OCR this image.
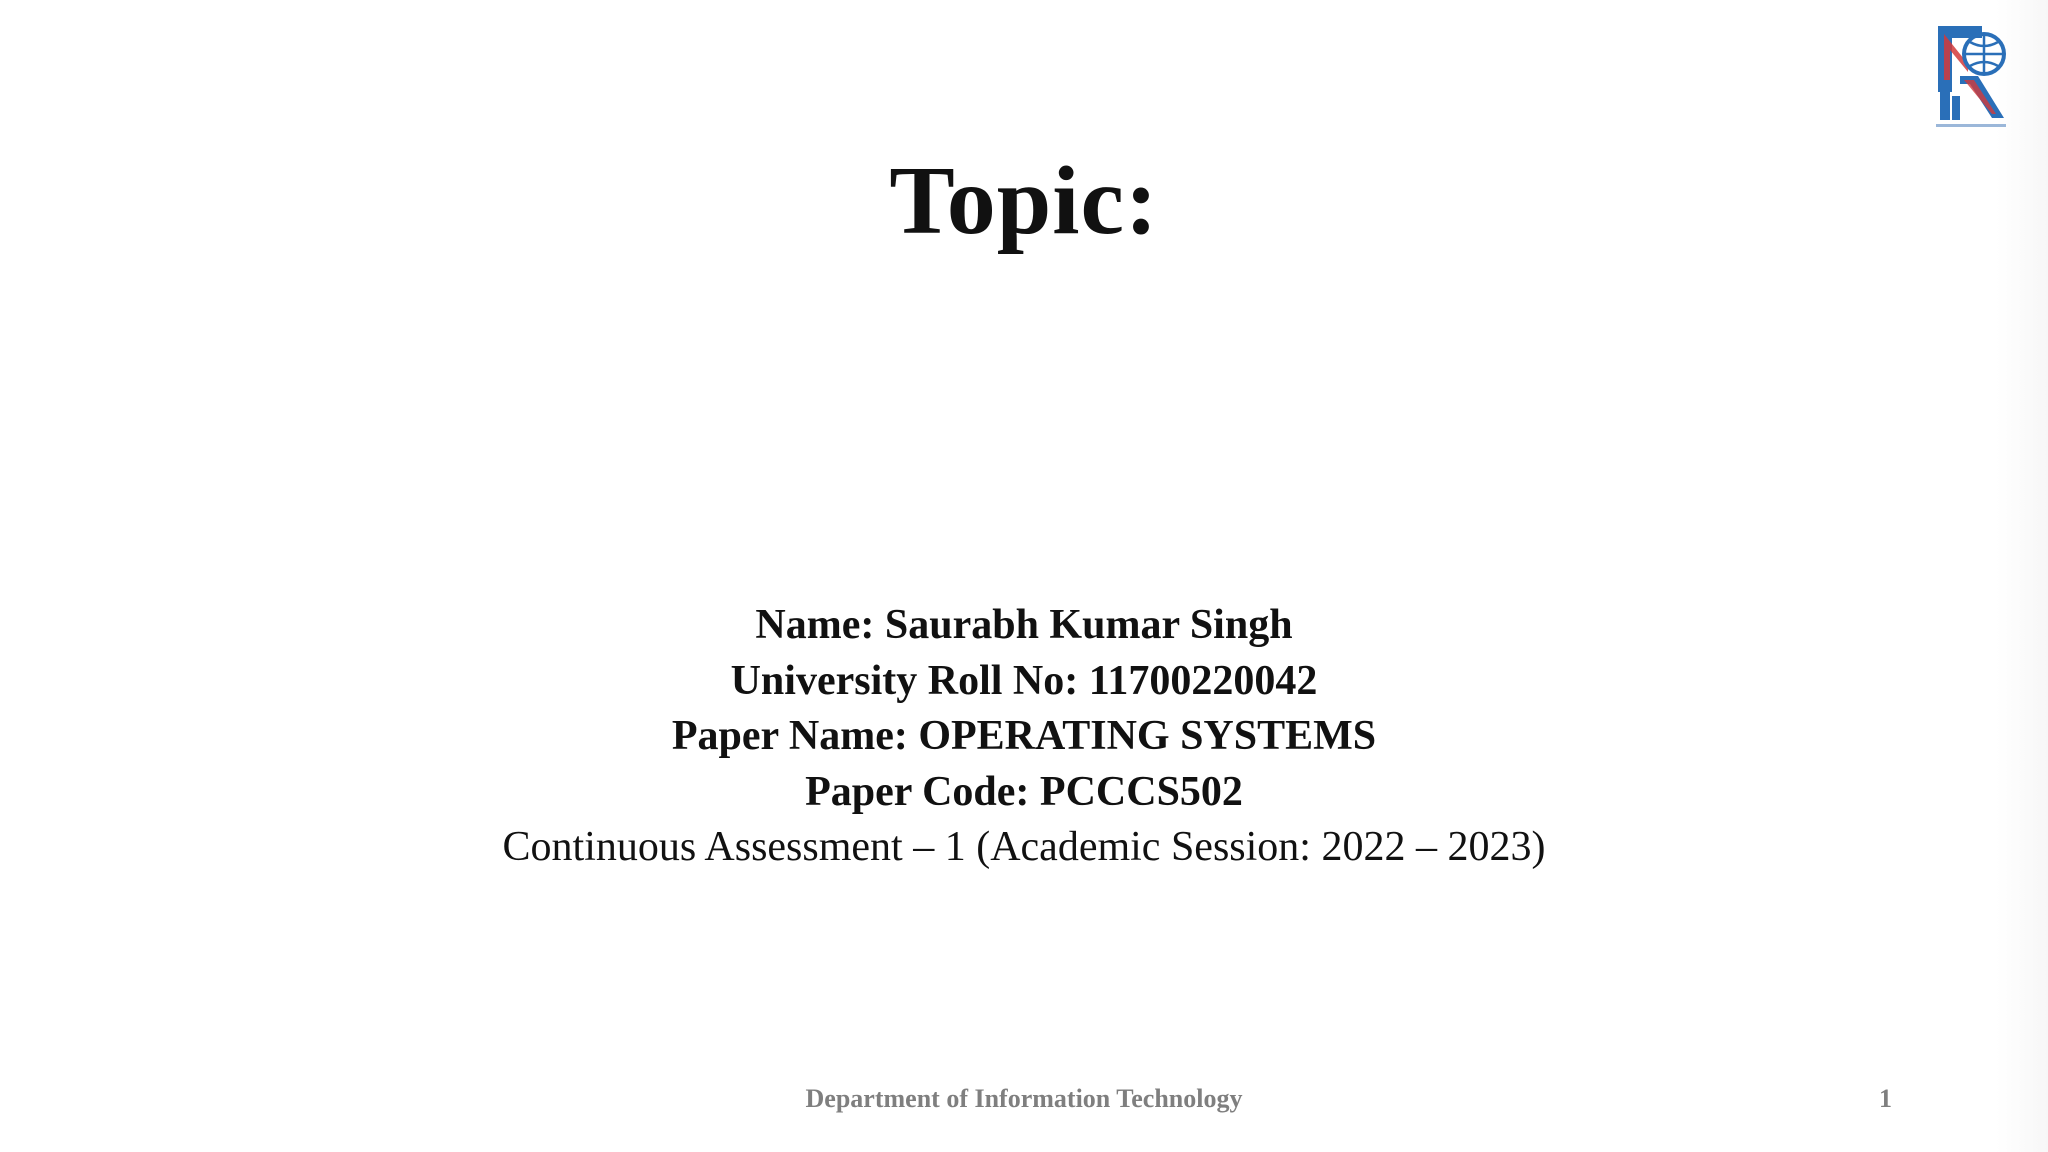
Topic:
Name: Saurabh Kumar Singh
University Roll No: 11700220042
Paper Name: OPERATING SYSTEMS
Paper Code: PCCCS502
Continuous Assessment – 1 (Academic Session: 2022 – 2023)
Department of Information Technology	1
